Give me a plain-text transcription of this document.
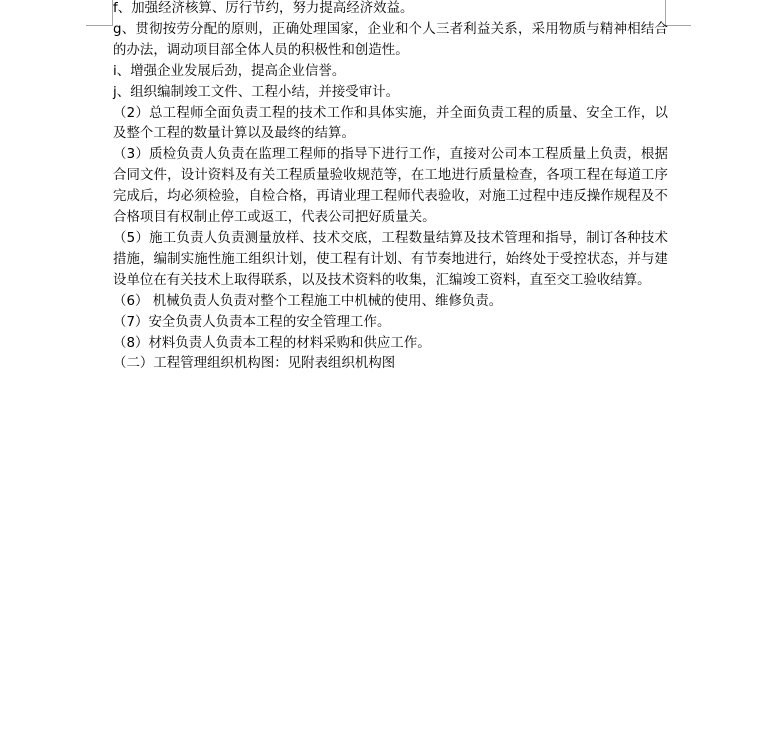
f、加强经济核算、厉行节约，努力提高经济效益。

g、贯彻按劳分配的原则，正确处理国家，企业和个人三者利益关系，采用物质与精神相结合的办法，调动项目部全体人员的积极性和创造性。

i、增强企业发展后劲，提高企业信誉。

j、组织编制竣工文件、工程小结，并接受审计。

（2）总工程师全面负责工程的技术工作和具体实施，并全面负责工程的质量、安全工作，以及整个工程的数量计算以及最终的结算。

（3）质检负责人负责在监理工程师的指导下进行工作，直接对公司本工程质量上负责，根据合同文件，设计资料及有关工程质量验收规范等，在工地进行质量检查，各项工程在每道工序完成后，均必须检验，自检合格，再请业理工程师代表验收，对施工过程中违反操作规程及不合格项目有权制止停工或返工，代表公司把好质量关。

（5）施工负责人负责测量放样、技术交底，工程数量结算及技术管理和指导，制订各种技术措施，编制实施性施工组织计划，使工程有计划、有节奏地进行，始终处于受控状态，并与建设单位在有关技术上取得联系，以及技术资料的收集，汇编竣工资料，直至交工验收结算。

（6） 机械负责人负责对整个工程施工中机械的使用、维修负责。

（7）安全负责人负责本工程的安全管理工作。

（8）材料负责人负责本工程的材料采购和供应工作。

（二）工程管理组织机构图：见附表组织机构图
